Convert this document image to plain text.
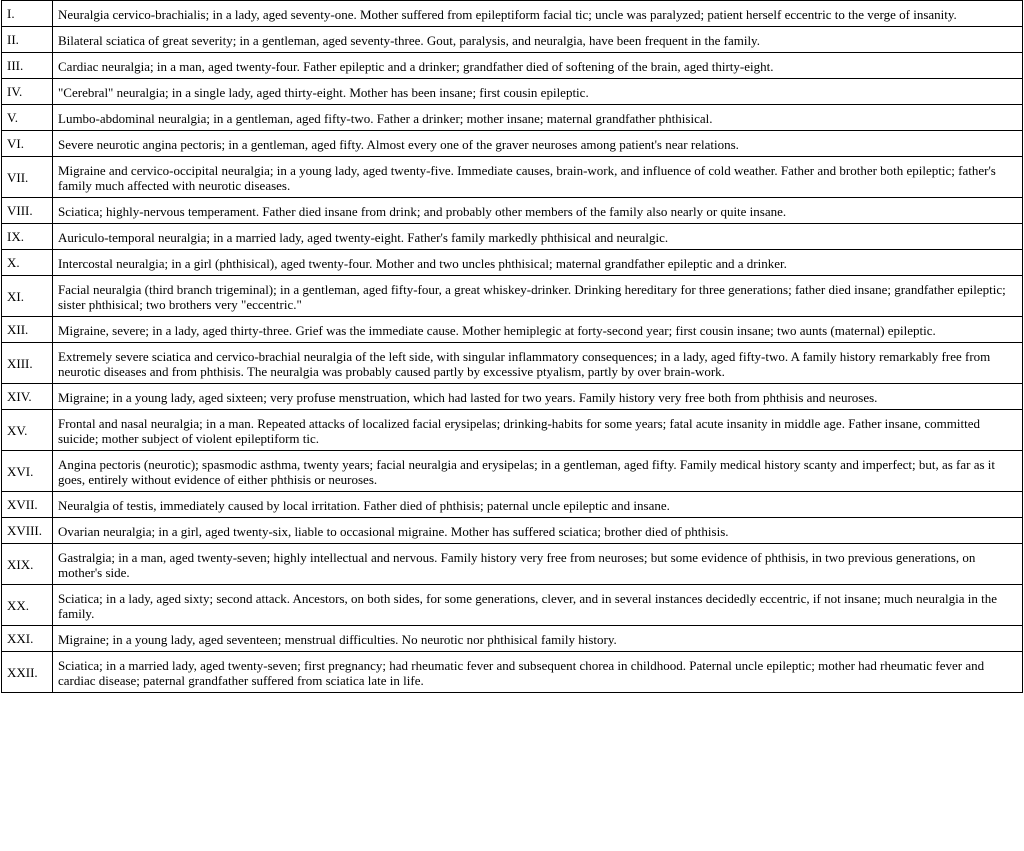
I.	Neuralgia cervico-brachialis; in a lady, aged seventy-one. Mother suffered from epileptiform facial tic; uncle was paralyzed; patient herself eccentric to the verge of insanity.
II.	Bilateral sciatica of great severity; in a gentleman, aged seventy-three. Gout, paralysis, and neuralgia, have been frequent in the family.
III.	Cardiac neuralgia; in a man, aged twenty-four. Father epileptic and a drinker; grandfather died of softening of the brain, aged thirty-eight.
IV.	"Cerebral" neuralgia; in a single lady, aged thirty-eight. Mother has been insane; first cousin epileptic.
V.	Lumbo-abdominal neuralgia; in a gentleman, aged fifty-two. Father a drinker; mother insane; maternal grandfather phthisical.
VI.	Severe neurotic angina pectoris; in a gentleman, aged fifty. Almost every one of the graver neuroses among patient's near relations.
VII.	Migraine and cervico-occipital neuralgia; in a young lady, aged twenty-five. Immediate causes, brain-work, and influence of cold weather. Father and brother both epileptic; father's family much affected with neurotic diseases.
VIII.	Sciatica; highly-nervous temperament. Father died insane from drink; and probably other members of the family also nearly or quite insane.
IX.	Auriculo-temporal neuralgia; in a married lady, aged twenty-eight. Father's family markedly phthisical and neuralgic.
X.	Intercostal neuralgia; in a girl (phthisical), aged twenty-four. Mother and two uncles phthisical; maternal grandfather epileptic and a drinker.
XI.	Facial neuralgia (third branch trigeminal); in a gentleman, aged fifty-four, a great whiskey-drinker. Drinking hereditary for three generations; father died insane; grandfather epileptic; sister phthisical; two brothers very "eccentric."
XII.	Migraine, severe; in a lady, aged thirty-three. Grief was the immediate cause. Mother hemiplegic at forty-second year; first cousin insane; two aunts (maternal) epileptic.
XIII.	Extremely severe sciatica and cervico-brachial neuralgia of the left side, with singular inflammatory consequences; in a lady, aged fifty-two. A family history remarkably free from neurotic diseases and from phthisis. The neuralgia was probably caused partly by excessive ptyalism, partly by over brain-work.
XIV.	Migraine; in a young lady, aged sixteen; very profuse menstruation, which had lasted for two years. Family history very free both from phthisis and neuroses.
XV.	Frontal and nasal neuralgia; in a man. Repeated attacks of localized facial erysipelas; drinking-habits for some years; fatal acute insanity in middle age. Father insane, committed suicide; mother subject of violent epileptiform tic.
XVI.	Angina pectoris (neurotic); spasmodic asthma, twenty years; facial neuralgia and erysipelas; in a gentleman, aged fifty. Family medical history scanty and imperfect; but, as far as it goes, entirely without evidence of either phthisis or neuroses.
XVII.	Neuralgia of testis, immediately caused by local irritation. Father died of phthisis; paternal uncle epileptic and insane.
XVIII.	Ovarian neuralgia; in a girl, aged twenty-six, liable to occasional migraine. Mother has suffered sciatica; brother died of phthisis.
XIX.	Gastralgia; in a man, aged twenty-seven; highly intellectual and nervous. Family history very free from neuroses; but some evidence of phthisis, in two previous generations, on mother's side.
XX.	Sciatica; in a lady, aged sixty; second attack. Ancestors, on both sides, for some generations, clever, and in several instances decidedly eccentric, if not insane; much neuralgia in the family.
XXI.	Migraine; in a young lady, aged seventeen; menstrual difficulties. No neurotic nor phthisical family history.
XXII.	Sciatica; in a married lady, aged twenty-seven; first pregnancy; had rheumatic fever and subsequent chorea in childhood. Paternal uncle epileptic; mother had rheumatic fever and cardiac disease; paternal grandfather suffered from sciatica late in life.
